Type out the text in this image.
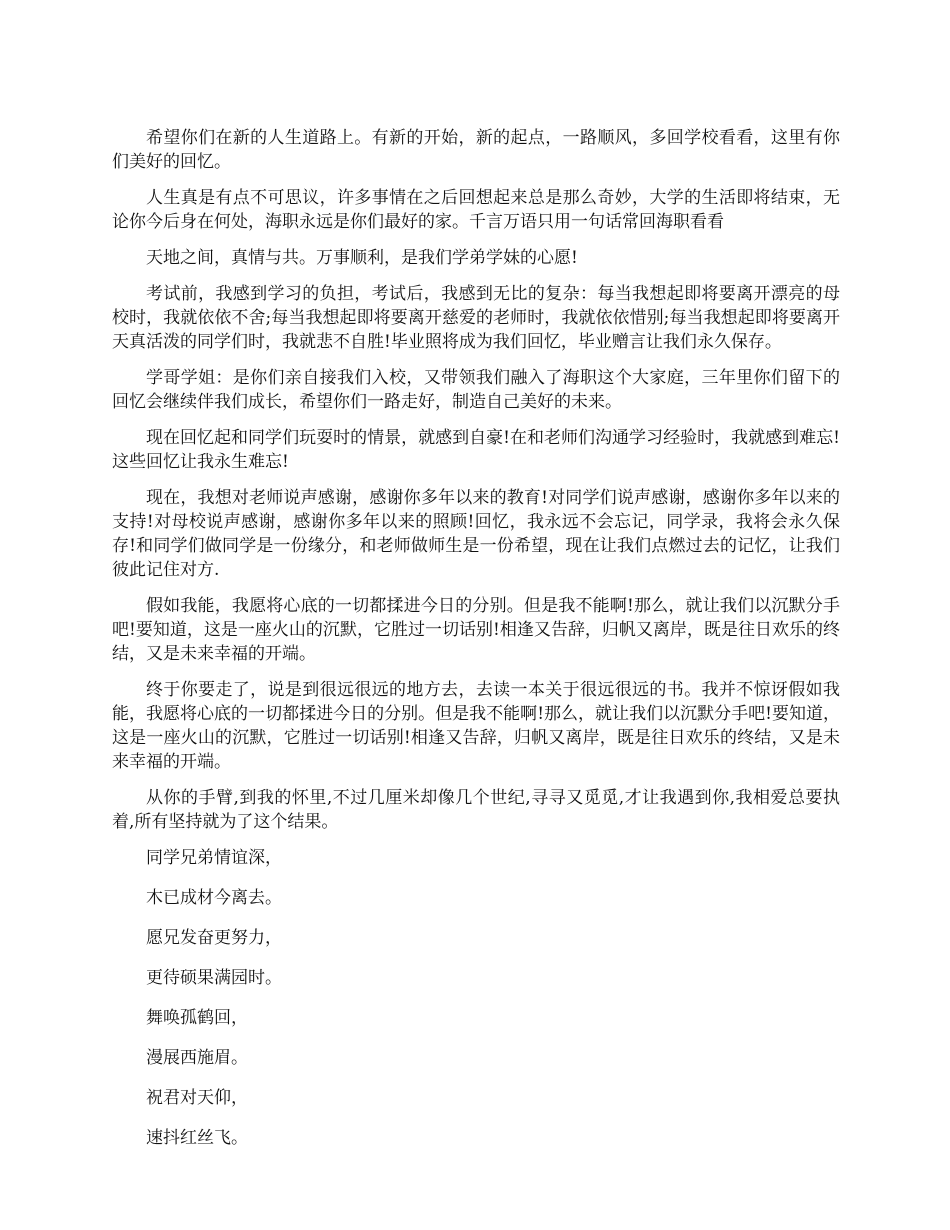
希望你们在新的人生道路上。有新的开始，新的起点，一路顺风，多回学校看看，这里有你们美好的回忆。

人生真是有点不可思议，许多事情在之后回想起来总是那么奇妙，大学的生活即将结束，无论你今后身在何处，海职永远是你们最好的家。千言万语只用一句话常回海职看看

天地之间，真情与共。万事顺利，是我们学弟学妹的心愿!

考试前，我感到学习的负担，考试后，我感到无比的复杂：每当我想起即将要离开漂亮的母校时，我就依依不舍;每当我想起即将要离开慈爱的老师时，我就依依惜别;每当我想起即将要离开天真活泼的同学们时，我就悲不自胜!毕业照将成为我们回忆，毕业赠言让我们永久保存。

学哥学姐：是你们亲自接我们入校，又带领我们融入了海职这个大家庭，三年里你们留下的回忆会继续伴我们成长，希望你们一路走好，制造自己美好的未来。

现在回忆起和同学们玩耍时的情景，就感到自豪!在和老师们沟通学习经验时，我就感到难忘!这些回忆让我永生难忘!

现在，我想对老师说声感谢，感谢你多年以来的教育!对同学们说声感谢，感谢你多年以来的支持!对母校说声感谢，感谢你多年以来的照顾!回忆，我永远不会忘记，同学录，我将会永久保存!和同学们做同学是一份缘分，和老师做师生是一份希望，现在让我们点燃过去的记忆，让我们彼此记住对方.

假如我能，我愿将心底的一切都揉进今日的分别。但是我不能啊!那么，就让我们以沉默分手吧!要知道，这是一座火山的沉默，它胜过一切话别!相逢又告辞，归帆又离岸，既是往日欢乐的终结，又是未来幸福的开端。

终于你要走了，说是到很远很远的地方去，去读一本关于很远很远的书。我并不惊讶假如我能，我愿将心底的一切都揉进今日的分别。但是我不能啊!那么，就让我们以沉默分手吧!要知道，这是一座火山的沉默，它胜过一切话别!相逢又告辞，归帆又离岸，既是往日欢乐的终结，又是未来幸福的开端。

从你的手臂,到我的怀里,不过几厘米却像几个世纪,寻寻又觅觅,才让我遇到你,我相爱总要执着,所有坚持就为了这个结果。

同学兄弟情谊深，

木已成材今离去。

愿兄发奋更努力，

更待硕果满园时。

舞唤孤鹤回，

漫展西施眉。

祝君对天仰，

速抖红丝飞。
